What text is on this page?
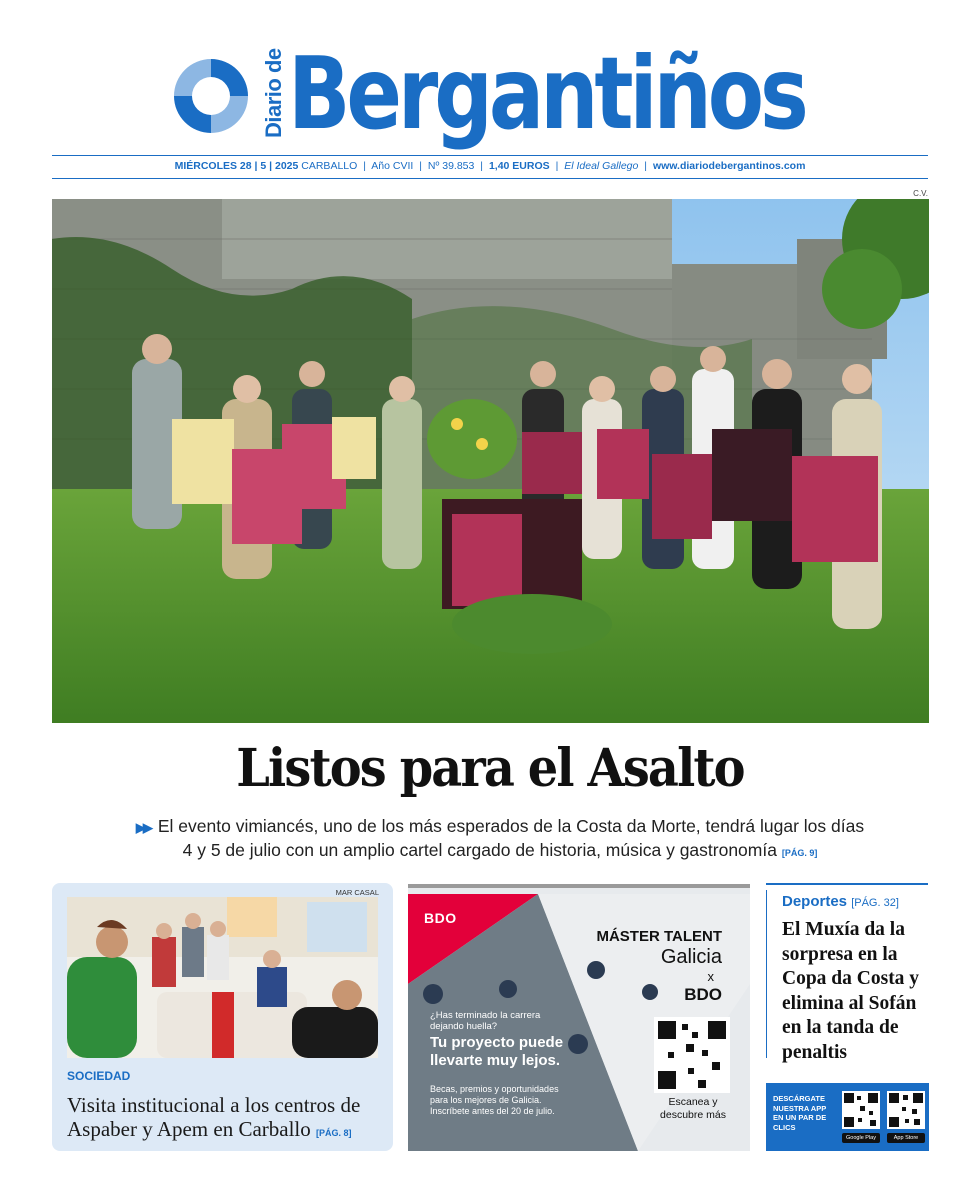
Diario de Bergantiños
MIÉRCOLES 28 | 5 | 2025 CARBALLO | Año CVII | Nº 39.853 | 1,40 EUROS | El Ideal Gallego | www.diariodebergantinos.com
C.V.
Listos para el Asalto
▶▶ El evento vimiancés, uno de los más esperados de la Costa da Morte, tendrá lugar los días
4 y 5 de julio con un amplio cartel cargado de historia, música y gastronomía [PÁG. 9]
MAR CASAL
SOCIEDAD
Visita institucional a los centros de Aspaber y Apem en Carballo [PÁG. 8]
BDO
MÁSTER TALENT
Galicia
x
BDO
¿Has terminado la carrera dejando huella?
Tu proyecto puede
llevarte muy lejos.
Becas, premios y oportunidades
para los mejores de Galicia.
Inscríbete antes del 20 de julio.
Escanea y
descubre más
Deportes [PÁG. 32]
El Muxía da la sorpresa en la Copa da Costa y elimina al Sofán en la tanda de penaltis
DESCÁRGATE NUESTRA APP EN UN PAR DE CLICS
Google Play	App Store
